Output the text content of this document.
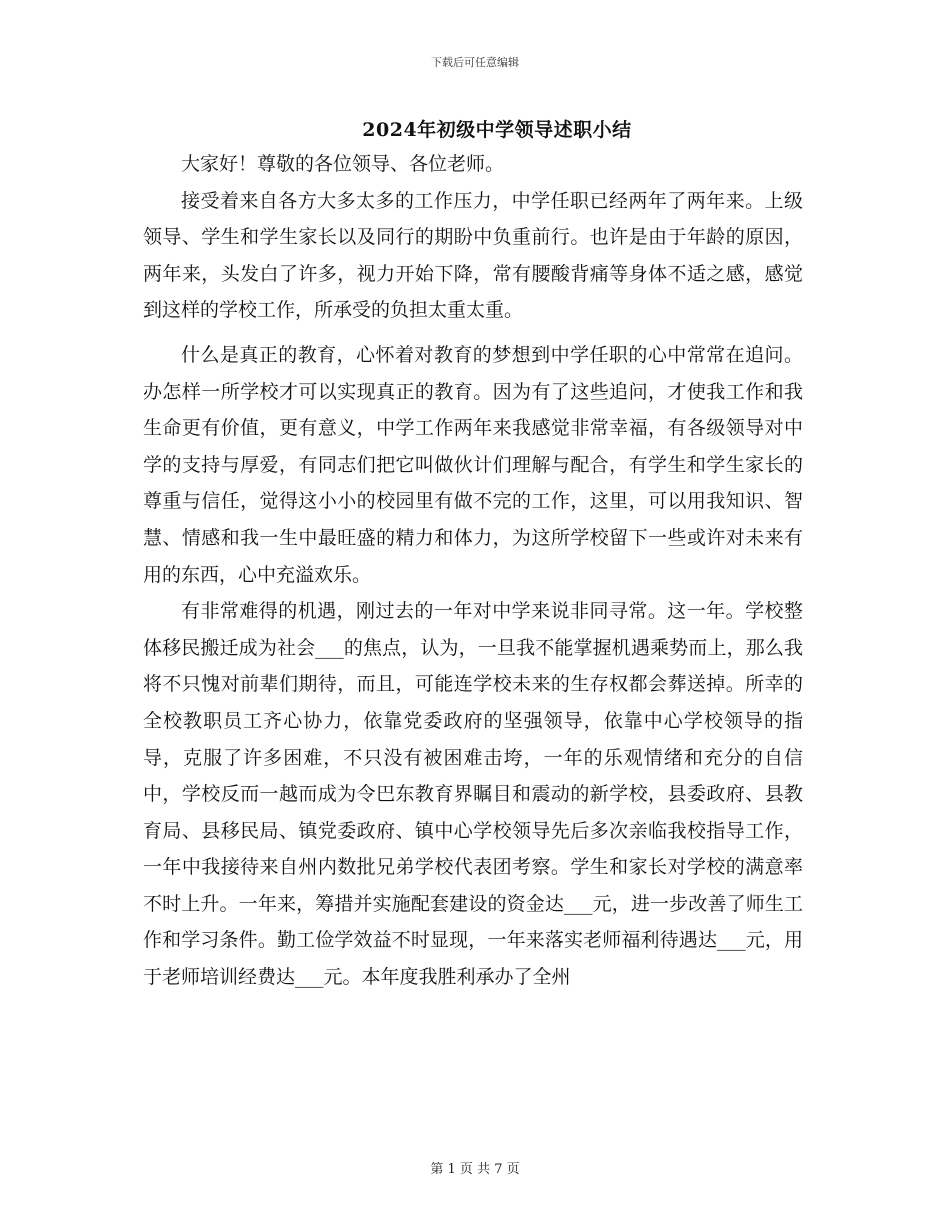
下载后可任意编辑
2024年初级中学领导述职小结

大家好！尊敬的各位领导、各位老师。

接受着来自各方大多太多的工作压力，中学任职已经两年了两年来。上级领导、学生和学生家长以及同行的期盼中负重前行。也许是由于年龄的原因，两年来，头发白了许多，视力开始下降，常有腰酸背痛等身体不适之感，感觉到这样的学校工作，所承受的负担太重太重。

什么是真正的教育，心怀着对教育的梦想到中学任职的心中常常在追问。办怎样一所学校才可以实现真正的教育。因为有了这些追问，才使我工作和我生命更有价值，更有意义，中学工作两年来我感觉非常幸福，有各级领导对中学的支持与厚爱，有同志们把它叫做伙计们理解与配合，有学生和学生家长的尊重与信任，觉得这小小的校园里有做不完的工作，这里，可以用我知识、智慧、情感和我一生中最旺盛的精力和体力，为这所学校留下一些或许对未来有用的东西，心中充溢欢乐。

有非常难得的机遇，刚过去的一年对中学来说非同寻常。这一年。学校整体移民搬迁成为社会___的焦点，认为，一旦我不能掌握机遇乘势而上，那么我将不只愧对前辈们期待，而且，可能连学校未来的生存权都会葬送掉。所幸的全校教职员工齐心协力，依靠党委政府的坚强领导，依靠中心学校领导的指导，克服了许多困难，不只没有被困难击垮，一年的乐观情绪和充分的自信中，学校反而一越而成为令巴东教育界瞩目和震动的新学校，县委政府、县教育局、县移民局、镇党委政府、镇中心学校领导先后多次亲临我校指导工作，一年中我接待来自州内数批兄弟学校代表团考察。学生和家长对学校的满意率不时上升。一年来，筹措并实施配套建设的资金达___元，进一步改善了师生工作和学习条件。勤工俭学效益不时显现，一年来落实老师福利待遇达___元，用于老师培训经费达___元。本年度我胜利承办了全州

第 1 页 共 7 页
